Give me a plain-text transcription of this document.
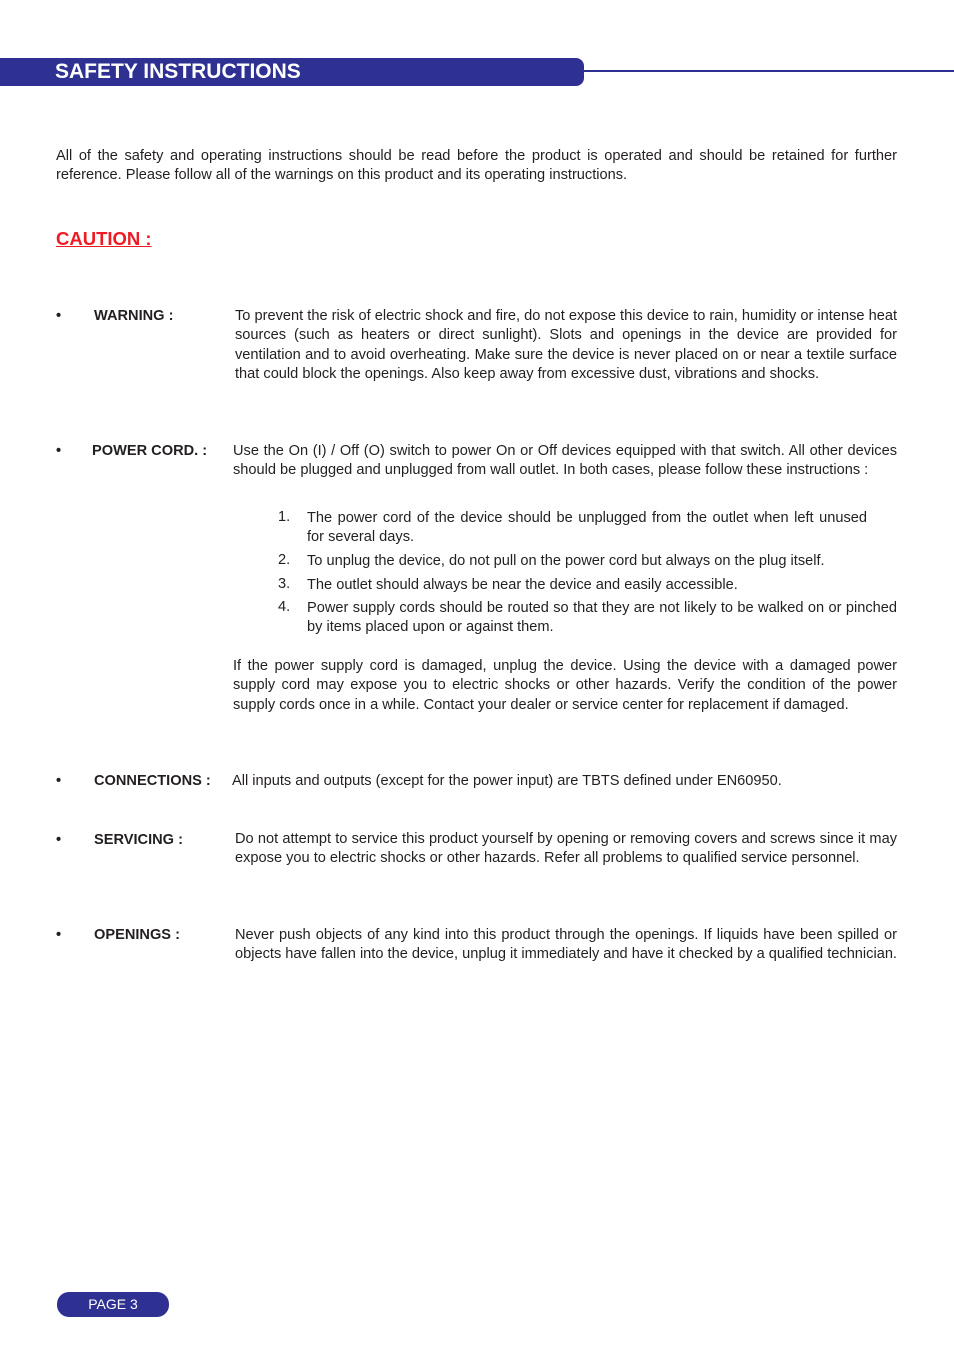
SAFETY INSTRUCTIONS
All of the safety and operating instructions should be read before the product is operated and should be retained for further reference. Please follow all of the warnings on this product and its operating instructions.
CAUTION :
• WARNING :	To prevent the risk of electric shock and fire, do not expose this device to rain, humidity or intense heat sources (such as heaters or direct sunlight). Slots and openings in the device are provided for ventilation and to avoid overheating. Make sure the device is never placed on or near a textile surface that could block the openings. Also keep away from excessive dust, vibrations and shocks.
• POWER CORD. : Use the On (I) / Off (O) switch to power On or Off devices equipped with that switch. All other devices should be plugged and unplugged from wall outlet. In both cases, please follow these instructions :
1. The power cord of the device should be unplugged from the outlet when left unused for several days.
2. To unplug the device, do not pull on the power cord but always on the plug itself.
3. The outlet should always be near the device and easily accessible.
4. Power supply cords should be routed so that they are not likely to be walked on or pinched by items placed upon or against them.
If the power supply cord is damaged, unplug the device. Using the device with a damaged power supply cord may expose you to electric shocks or other hazards. Verify the condition of the power supply cords once in a while. Contact your dealer or service center for replacement if damaged.
• CONNECTIONS : All inputs and outputs (except for the power input) are TBTS defined under EN60950.
• SERVICING :	Do not attempt to service this product yourself by opening or removing covers and screws since it may expose you to electric shocks or other hazards. Refer all problems to qualified service personnel.
• OPENINGS :	Never push objects of any kind into this product through the openings. If liquids have been spilled or objects have fallen into the device, unplug it immediately and have it checked by a qualified technician.
PAGE 3
